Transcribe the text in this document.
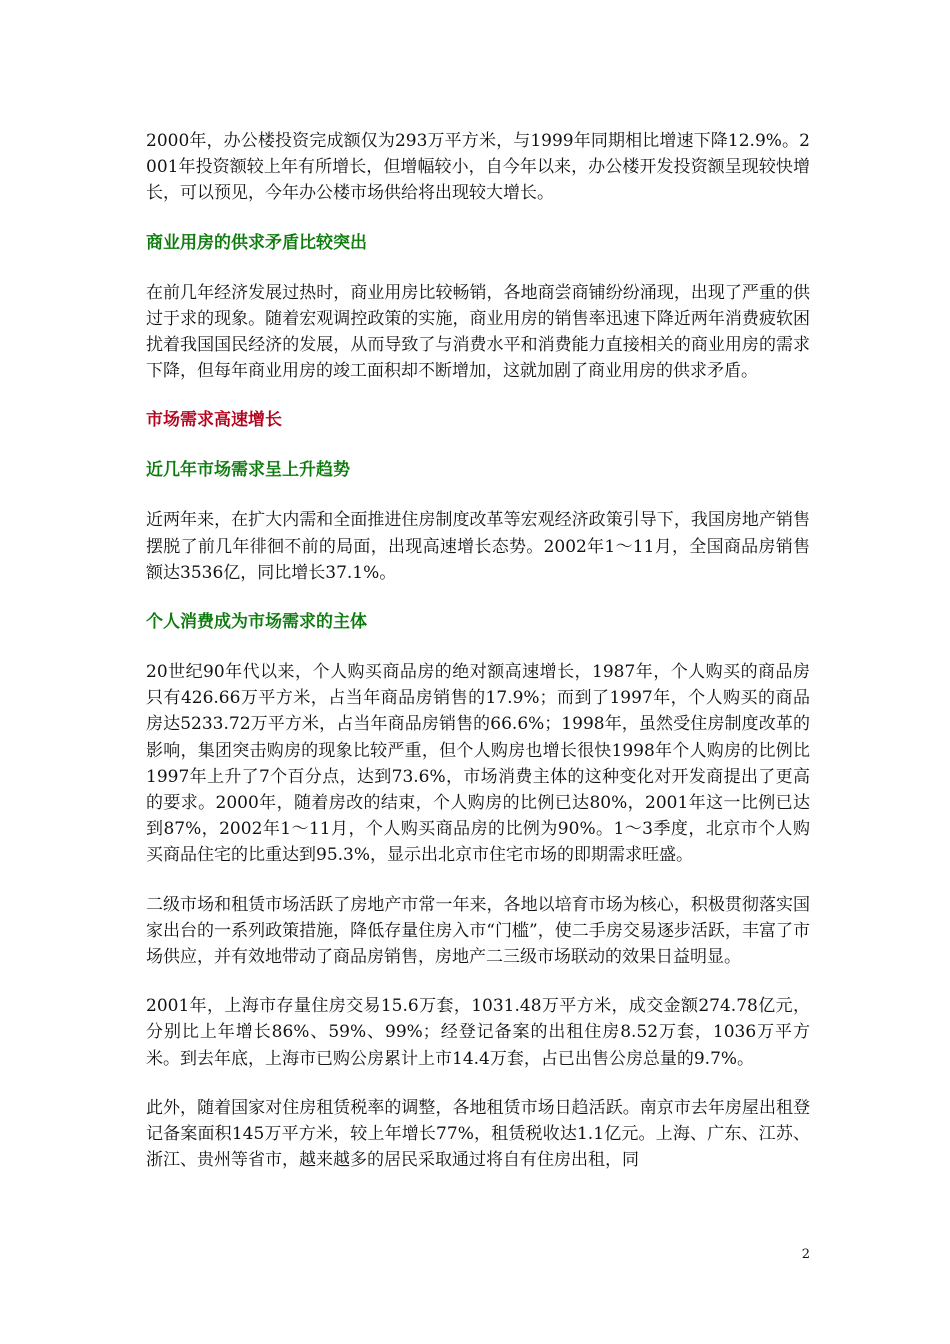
2000年，办公楼投资完成额仅为293万平方米，与1999年同期相比增速下降12.9%。2001年投资额较上年有所增长，但增幅较小，自今年以来，办公楼开发投资额呈现较快增长，可以预见，今年办公楼市场供给将出现较大增长。

商业用房的供求矛盾比较突出

在前几年经济发展过热时，商业用房比较畅销，各地商尝商铺纷纷涌现，出现了严重的供过于求的现象。随着宏观调控政策的实施，商业用房的销售率迅速下降近两年消费疲软困扰着我国国民经济的发展，从而导致了与消费水平和消费能力直接相关的商业用房的需求下降，但每年商业用房的竣工面积却不断增加，这就加剧了商业用房的供求矛盾。

市场需求高速增长
近几年市场需求呈上升趋势

近两年来，在扩大内需和全面推进住房制度改革等宏观经济政策引导下，我国房地产销售摆脱了前几年徘徊不前的局面，出现高速增长态势。2002年1～11月，全国商品房销售额达3536亿，同比增长37.1%。

个人消费成为市场需求的主体

20世纪90年代以来，个人购买商品房的绝对额高速增长，1987年，个人购买的商品房只有426.66万平方米，占当年商品房销售的17.9%；而到了1997年，个人购买的商品房达5233.72万平方米，占当年商品房销售的66.6%；1998年，虽然受住房制度改革的影响，集团突击购房的现象比较严重，但个人购房也增长很快1998年个人购房的比例比1997年上升了7个百分点，达到73.6%，市场消费主体的这种变化对开发商提出了更高的要求。2000年，随着房改的结束，个人购房的比例已达80%，2001年这一比例已达到87%，2002年1～11月，个人购买商品房的比例为90%。1～3季度，北京市个人购买商品住宅的比重达到95.3%，显示出北京市住宅市场的即期需求旺盛。

二级市场和租赁市场活跃了房地产市常一年来，各地以培育市场为核心，积极贯彻落实国家出台的一系列政策措施，降低存量住房入市“门槛”，使二手房交易逐步活跃，丰富了市场供应，并有效地带动了商品房销售，房地产二三级市场联动的效果日益明显。

2001年，上海市存量住房交易15.6万套，1031.48万平方米，成交金额274.78亿元，分别比上年增长86%、59%、99%；经登记备案的出租住房8.52万套，1036万平方米。到去年底，上海市已购公房累计上市14.4万套，占已出售公房总量的9.7%。

此外，随着国家对住房租赁税率的调整，各地租赁市场日趋活跃。南京市去年房屋出租登记备案面积145万平方米，较上年增长77%，租赁税收达1.1亿元。上海、广东、江苏、浙江、贵州等省市，越来越多的居民采取通过将自有住房出租，同

2
